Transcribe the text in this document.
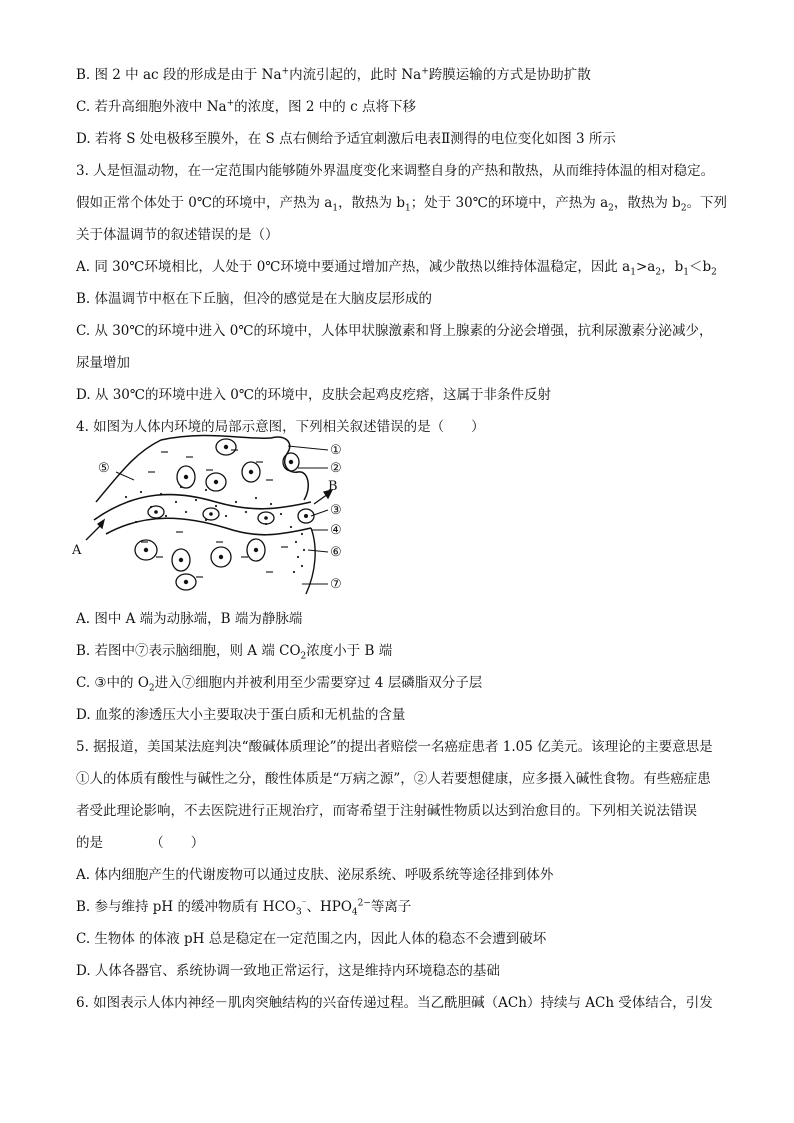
B. 图 2 中 ac 段的形成是由于 Na+内流引起的，此时 Na+跨膜运输的方式是协助扩散
C. 若升高细胞外液中 Na+的浓度，图 2 中的 c 点将下移
D. 若将 S 处电极移至膜外，在 S 点右侧给予适宜刺激后电表Ⅱ测得的电位变化如图 3 所示
3. 人是恒温动物，在一定范围内能够随外界温度变化来调整自身的产热和散热，从而维持体温的相对稳定。
假如正常个体处于 0℃的环境中，产热为 $a_1$，散热为 $b_1$；处于 30℃的环境中，产热为 $a_2$，散热为 $b_2$。下列
关于体温调节的叙述错误的是（）
A. 同 30℃环境相比，人处于 0℃环境中要通过增加产热，减少散热以维持体温稳定，因此 $a_1>a_2$，$b_1<b_2$
B. 体温调节中枢在下丘脑，但冷的感觉是在大脑皮层形成的
C. 从 30℃的环境中进入 0℃的环境中，人体甲状腺激素和肾上腺素的分泌会增强，抗利尿激素分泌减少，
尿量增加
D. 从 30℃的环境中进入 0℃的环境中，皮肤会起鸡皮疙瘩，这属于非条件反射
4. 如图为人体内环境的局部示意图，下列相关叙述错误的是（　　）
①
②
③
④
⑤
⑥
⑦
A
B
A. 图中 A 端为动脉端，B 端为静脉端
B. 若图中⑦表示脑细胞，则 A 端 $CO_2$浓度小于 B 端
C. ③中的 $O_2$进入⑦细胞内并被利用至少需要穿过 4 层磷脂双分子层
D. 血浆的渗透压大小主要取决于蛋白质和无机盐的含量
5. 据报道，美国某法庭判决“酸碱体质理论”的提出者赔偿一名癌症患者 1.05 亿美元。该理论的主要意思是
①人的体质有酸性与碱性之分，酸性体质是“万病之源”，②人若要想健康，应多摄入碱性食物。有些癌症患
者受此理论影响，不去医院进行正规治疗，而寄希望于注射碱性物质以达到治愈目的。下列相关说法错误
的是　　　　（　　）
A. 体内细胞产生的代谢废物可以通过皮肤、泌尿系统、呼吸系统等途径排到体外
B. 参与维持 pH 的缓冲物质有 $HCO_3^{^-}$、$HPO_4^{2-}$等离子
C. 生物体 的体液 pH 总是稳定在一定范围之内，因此人体的稳态不会遭到破坏
D. 人体各器官、系统协调一致地正常运行，这是维持内环境稳态的基础
6. 如图表示人体内神经－肌肉突触结构的兴奋传递过程。当乙酰胆碱（ACh）持续与 ACh 受体结合，引发
